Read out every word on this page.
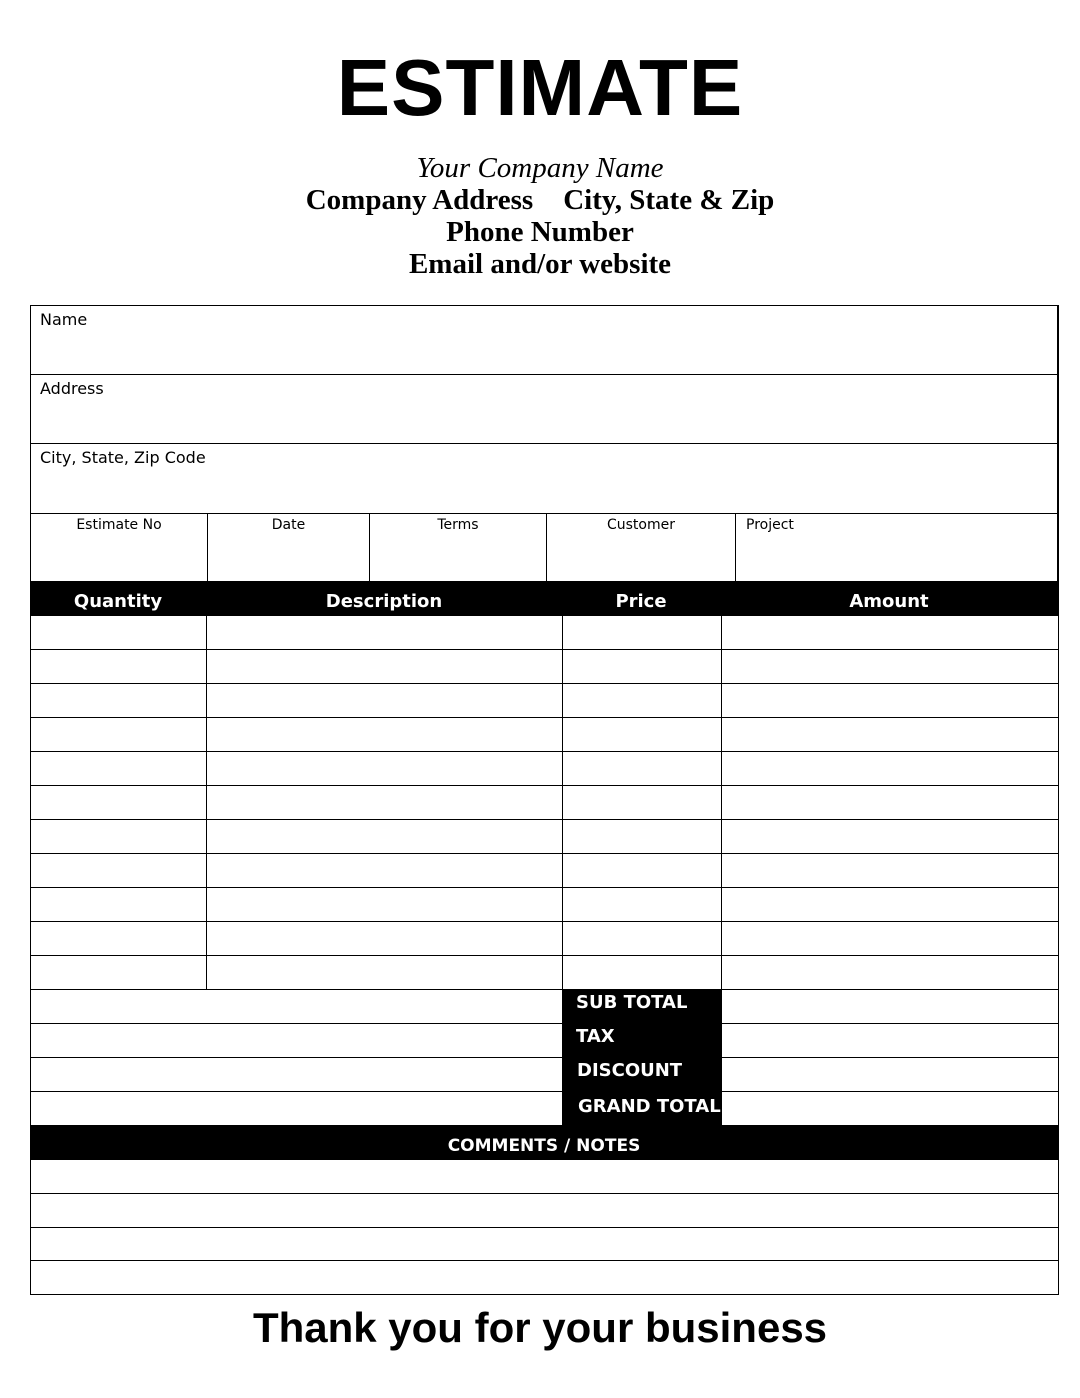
ESTIMATE
Your Company Name
Company Address City, State & Zip
Phone Number
Email and/or website
Name
Address
City, State, Zip Code
Estimate No	Date	Terms	Customer	Project
Quantity	Description	Price	Amount
SUB TOTAL
TAX
DISCOUNT
GRAND TOTAL
COMMENTS / NOTES
Thank you for your business
